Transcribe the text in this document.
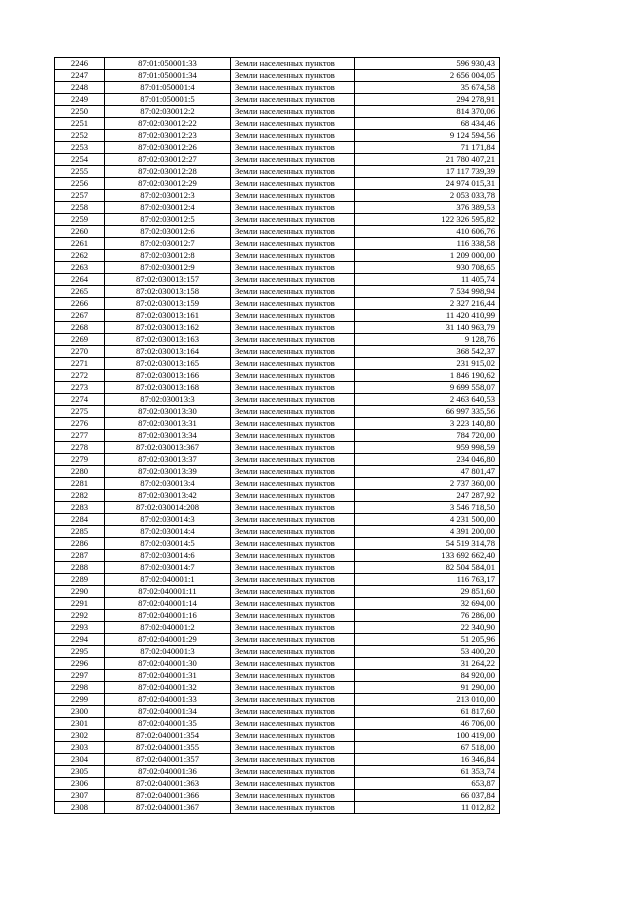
2246	87:01:050001:33	Земли населенных пунктов	596 930,43
2247	87:01:050001:34	Земли населенных пунктов	2 656 004,05
2248	87:01:050001:4	Земли населенных пунктов	35 674,58
2249	87:01:050001:5	Земли населенных пунктов	294 278,91
2250	87:02:030012:2	Земли населенных пунктов	814 370,06
2251	87:02:030012:22	Земли населенных пунктов	68 434,46
2252	87:02:030012:23	Земли населенных пунктов	9 124 594,56
2253	87:02:030012:26	Земли населенных пунктов	71 171,84
2254	87:02:030012:27	Земли населенных пунктов	21 780 407,21
2255	87:02:030012:28	Земли населенных пунктов	17 117 739,39
2256	87:02:030012:29	Земли населенных пунктов	24 974 015,31
2257	87:02:030012:3	Земли населенных пунктов	2 053 033,78
2258	87:02:030012:4	Земли населенных пунктов	376 389,53
2259	87:02:030012:5	Земли населенных пунктов	122 326 595,82
2260	87:02:030012:6	Земли населенных пунктов	410 606,76
2261	87:02:030012:7	Земли населенных пунктов	116 338,58
2262	87:02:030012:8	Земли населенных пунктов	1 209 000,00
2263	87:02:030012:9	Земли населенных пунктов	930 708,65
2264	87:02:030013:157	Земли населенных пунктов	11 405,74
2265	87:02:030013:158	Земли населенных пунктов	7 534 998,94
2266	87:02:030013:159	Земли населенных пунктов	2 327 216,44
2267	87:02:030013:161	Земли населенных пунктов	11 420 410,99
2268	87:02:030013:162	Земли населенных пунктов	31 140 963,79
2269	87:02:030013:163	Земли населенных пунктов	9 128,76
2270	87:02:030013:164	Земли населенных пунктов	368 542,37
2271	87:02:030013:165	Земли населенных пунктов	231 915,02
2272	87:02:030013:166	Земли населенных пунктов	1 846 190,62
2273	87:02:030013:168	Земли населенных пунктов	9 699 558,07
2274	87:02:030013:3	Земли населенных пунктов	2 463 640,53
2275	87:02:030013:30	Земли населенных пунктов	66 997 335,56
2276	87:02:030013:31	Земли населенных пунктов	3 223 140,80
2277	87:02:030013:34	Земли населенных пунктов	784 720,00
2278	87:02:030013:367	Земли населенных пунктов	959 998,59
2279	87:02:030013:37	Земли населенных пунктов	234 046,80
2280	87:02:030013:39	Земли населенных пунктов	47 801,47
2281	87:02:030013:4	Земли населенных пунктов	2 737 360,00
2282	87:02:030013:42	Земли населенных пунктов	247 287,92
2283	87:02:030014:208	Земли населенных пунктов	3 546 718,50
2284	87:02:030014:3	Земли населенных пунктов	4 231 500,00
2285	87:02:030014:4	Земли населенных пунктов	4 391 200,00
2286	87:02:030014:5	Земли населенных пунктов	54 519 314,78
2287	87:02:030014:6	Земли населенных пунктов	133 692 662,40
2288	87:02:030014:7	Земли населенных пунктов	82 504 584,01
2289	87:02:040001:1	Земли населенных пунктов	116 763,17
2290	87:02:040001:11	Земли населенных пунктов	29 851,60
2291	87:02:040001:14	Земли населенных пунктов	32 694,00
2292	87:02:040001:16	Земли населенных пунктов	76 286,00
2293	87:02:040001:2	Земли населенных пунктов	22 340,90
2294	87:02:040001:29	Земли населенных пунктов	51 205,96
2295	87:02:040001:3	Земли населенных пунктов	53 400,20
2296	87:02:040001:30	Земли населенных пунктов	31 264,22
2297	87:02:040001:31	Земли населенных пунктов	84 920,00
2298	87:02:040001:32	Земли населенных пунктов	91 290,00
2299	87:02:040001:33	Земли населенных пунктов	213 010,00
2300	87:02:040001:34	Земли населенных пунктов	61 817,60
2301	87:02:040001:35	Земли населенных пунктов	46 706,00
2302	87:02:040001:354	Земли населенных пунктов	100 419,00
2303	87:02:040001:355	Земли населенных пунктов	67 518,00
2304	87:02:040001:357	Земли населенных пунктов	16 346,84
2305	87:02:040001:36	Земли населенных пунктов	61 353,74
2306	87:02:040001:363	Земли населенных пунктов	653,87
2307	87:02:040001:366	Земли населенных пунктов	66 037,84
2308	87:02:040001:367	Земли населенных пунктов	11 012,82
